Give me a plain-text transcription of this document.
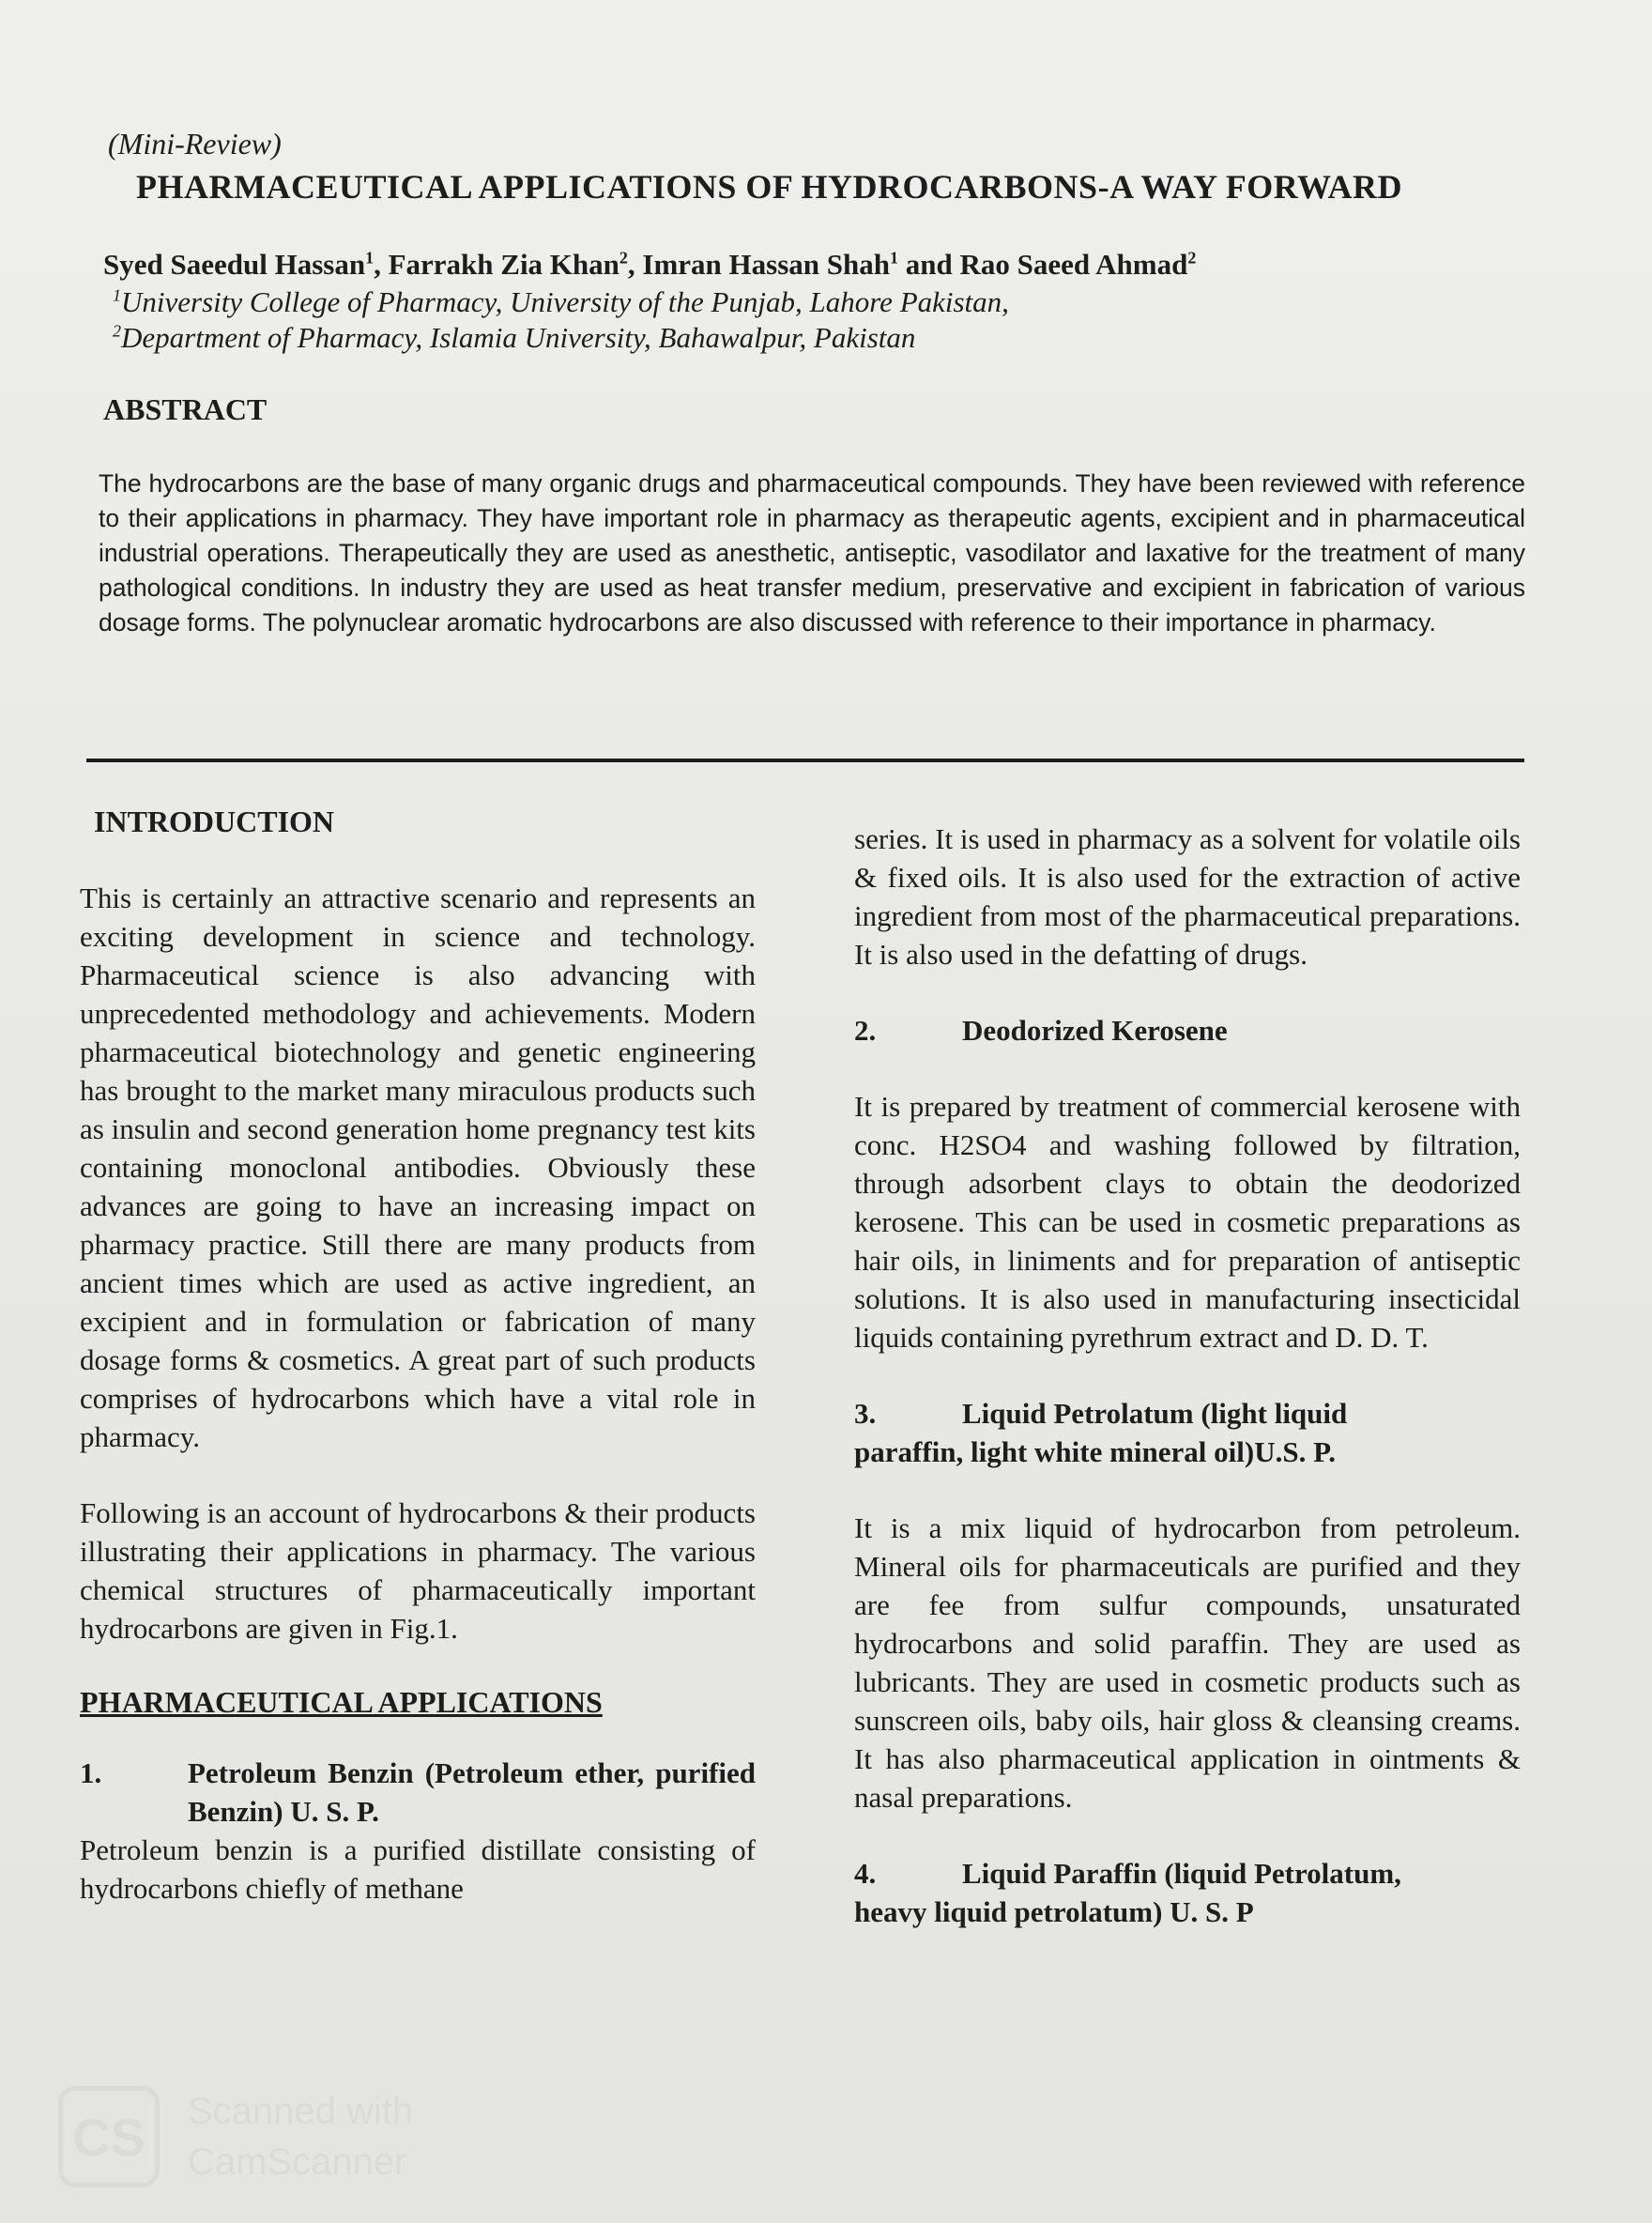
(Mini-Review)
PHARMACEUTICAL APPLICATIONS OF HYDROCARBONS-A WAY FORWARD
Syed Saeedul Hassan$^1$, Farrakh Zia Khan$^2$, Imran Hassan Shah$^1$ and Rao Saeed Ahmad$^2$
$^1$University College of Pharmacy, University of the Punjab, Lahore Pakistan,
$^2$Department of Pharmacy, Islamia University, Bahawalpur, Pakistan
ABSTRACT

The hydrocarbons are the base of many organic drugs and pharmaceutical compounds. They have been reviewed with reference to their applications in pharmacy. They have important role in pharmacy as therapeutic agents, excipient and in pharmaceutical industrial operations. Therapeutically they are used as anesthetic, antiseptic, vasodilator and laxative for the treatment of many pathological conditions. In industry they are used as heat transfer medium, preservative and excipient in fabrication of various dosage forms. The polynuclear aromatic hydrocarbons are also discussed with reference to their importance in pharmacy.

INTRODUCTION

This is certainly an attractive scenario and represents an exciting development in science and technology. Pharmaceutical science is also advancing with unprecedented methodology and achievements. Modern pharmaceutical biotechnology and genetic engineering has brought to the market many miraculous products such as insulin and second generation home pregnancy test kits containing monoclonal antibodies. Obviously these advances are going to have an increasing impact on pharmacy practice. Still there are many products from ancient times which are used as active ingredient, an excipient and in formulation or fabrication of many dosage forms & cosmetics. A great part of such products comprises of hydrocarbons which have a vital role in pharmacy.

Following is an account of hydrocarbons & their products illustrating their applications in pharmacy. The various chemical structures of pharmaceutically important hydrocarbons are given in Fig.1.

PHARMACEUTICAL APPLICATIONS
1.	Petroleum Benzin (Petroleum ether, purified Benzin) U. S. P.

Petroleum benzin is a purified distillate consisting of hydrocarbons chiefly of methane

series. It is used in pharmacy as a solvent for volatile oils & fixed oils. It is also used for the extraction of active ingredient from most of the pharmaceutical preparations. It is also used in the defatting of drugs.

2.	Deodorized Kerosene

It is prepared by treatment of commercial kerosene with conc. H2SO4 and washing followed by filtration, through adsorbent clays to obtain the deodorized kerosene. This can be used in cosmetic preparations as hair oils, in liniments and for preparation of antiseptic solutions. It is also used in manufacturing insecticidal liquids containing pyrethrum extract and D. D. T.

3.	Liquid Petrolatum (light liquid
paraffin, light white mineral oil)U.S. P.

It is a mix liquid of hydrocarbon from petroleum. Mineral oils for pharmaceuticals are purified and they are fee from sulfur compounds, unsaturated hydrocarbons and solid paraffin. They are used as lubricants. They are used in cosmetic products such as sunscreen oils, baby oils, hair gloss & cleansing creams. It has also pharmaceutical application in ointments & nasal preparations.

4.	Liquid Paraffin (liquid Petrolatum,
heavy liquid petrolatum) U. S. P
CS	Scanned with
CamScanner
